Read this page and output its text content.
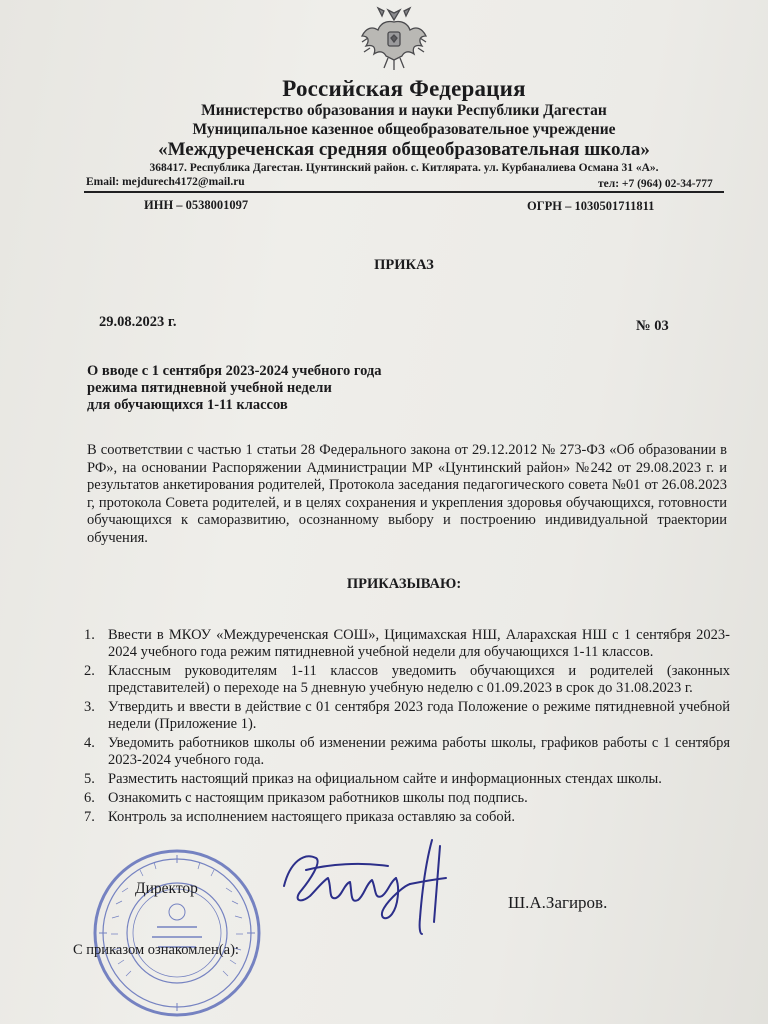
Российская Федерация
Министерство образования и науки Республики Дагестан
Муниципальное казенное общеобразовательное учреждение
«Междуреченская средняя общеобразовательная школа»
368417. Республика Дагестан. Цунтинский район. с. Китлярата. ул. Курбаналиева Османа 31 «А».
Email: mejdurech4172@mail.ru	тел: +7 (964) 02-34-777
ИНН – 0538001097	ОГРН – 1030501711811
ПРИКАЗ
29.08.2023 г.	№ 03
О вводе с 1 сентября 2023-2024 учебного года
режима пятидневной учебной недели
для обучающихся 1-11 классов
В соответствии с частью 1 статьи 28 Федерального закона от 29.12.2012 № 273-ФЗ «Об образовании в РФ», на основании Распоряжении Администрации МР «Цунтинский район» №242 от 29.08.2023 г. и результатов анкетирования родителей, Протокола заседания педагогического совета №01 от 26.08.2023 г, протокола Совета родителей, и в целях сохранения и укрепления здоровья обучающихся, готовности обучающихся к саморазвитию, осознанному выбору и построению индивидуальной траектории обучения.
ПРИКАЗЫВАЮ:
1. Ввести в МКОУ «Междуреченская СОШ», Цицимахская НШ, Аларахская НШ с 1 сентября 2023-2024 учебного года режим пятидневной учебной недели для обучающихся 1-11 классов.
2. Классным руководителям 1-11 классов уведомить обучающихся и родителей (законных представителей) о переходе на 5 дневную учебную неделю с 01.09.2023 в срок до 31.08.2023 г.
3. Утвердить и ввести в действие с 01 сентября 2023 года Положение о режиме пятидневной учебной недели (Приложение 1).
4. Уведомить работников школы об изменении режима работы школы, графиков работы с 1 сентября 2023-2024 учебного года.
5. Разместить настоящий приказ на официальном сайте и информационных стендах школы.
6. Ознакомить с настоящим приказом работников школы под подпись.
7. Контроль за исполнением настоящего приказа оставляю за собой.
Директор
Ш.А.Загиров.
С приказом ознакомлен(а):
